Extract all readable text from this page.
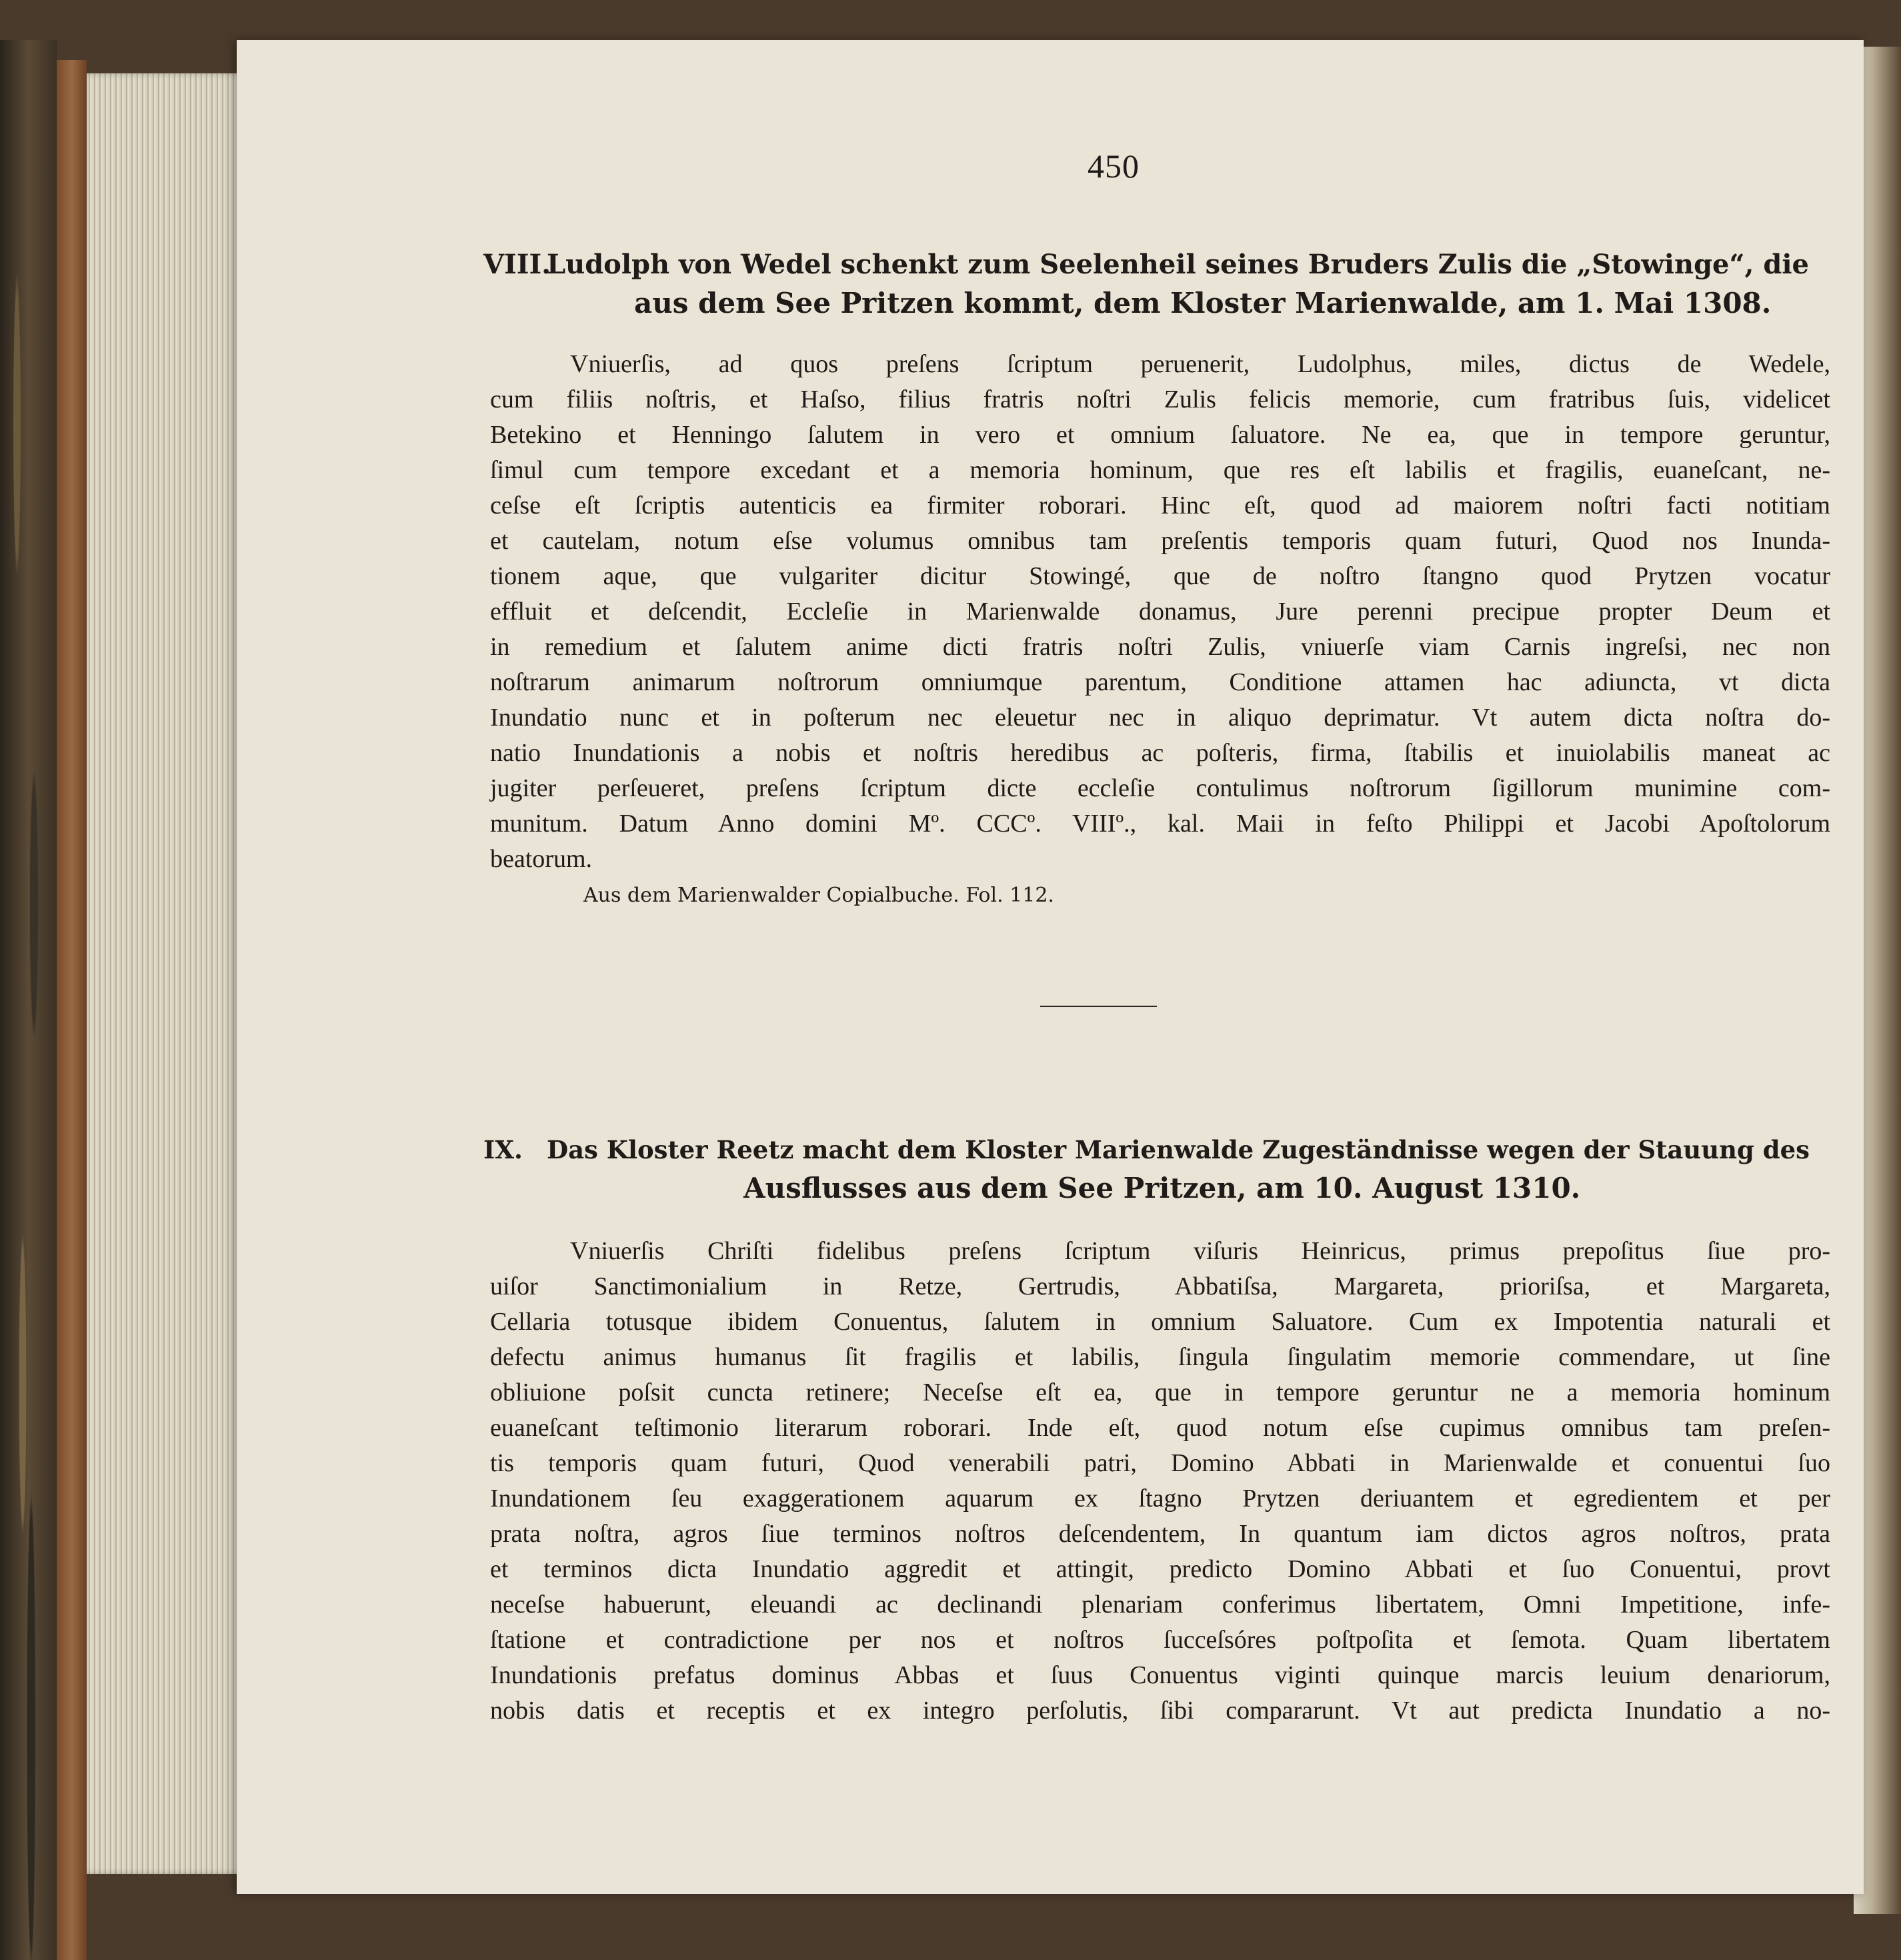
450
VIII.Ludolph von Wedel schenkt zum Seelenheil seines Bruders Zulis die „Stowinge“, die
aus dem See Pritzen kommt, dem Kloster Marienwalde, am 1. Mai 1308.
Vniuerſis, ad quos preſens ſcriptum peruenerit, Ludolphus, miles, dictus de Wedele,
cum filiis noſtris, et Haſso, filius fratris noſtri Zulis felicis memorie, cum fratribus ſuis, videlicet
Betekino et Henningo ſalutem in vero et omnium ſaluatore. Ne ea, que in tempore geruntur,
ſimul cum tempore excedant et a memoria hominum, que res eſt labilis et fragilis, euaneſcant, ne-
ceſse eſt ſcriptis autenticis ea firmiter roborari. Hinc eſt, quod ad maiorem noſtri facti notitiam
et cautelam, notum eſse volumus omnibus tam preſentis temporis quam futuri, Quod nos Inunda-
tionem aque, que vulgariter dicitur Stowingé, que de noſtro ſtangno quod Prytzen vocatur
effluit et deſcendit, Eccleſie in Marienwalde donamus, Jure perenni precipue propter Deum et
in remedium et ſalutem anime dicti fratris noſtri Zulis, vniuerſe viam Carnis ingreſsi, nec non
noſtrarum animarum noſtrorum omniumque parentum, Conditione attamen hac adiuncta, vt dicta
Inundatio nunc et in poſterum nec eleuetur nec in aliquo deprimatur. Vt autem dicta noſtra do-
natio Inundationis a nobis et noſtris heredibus ac poſteris, firma, ſtabilis et inuiolabilis maneat ac
jugiter perſeueret, preſens ſcriptum dicte eccleſie contulimus noſtrorum ſigillorum munimine com-
munitum. Datum Anno domini Mº. CCCº. VIIIº., kal. Maii in feſto Philippi et Jacobi Apoſtolorum
beatorum.
Aus dem Marienwalder Copialbuche. Fol. 112.
IX. Das Kloster Reetz macht dem Kloster Marienwalde Zugeständnisse wegen der Stauung des
Ausflusses aus dem See Pritzen, am 10. August 1310.
Vniuerſis Chriſti fidelibus preſens ſcriptum viſuris Heinricus, primus prepoſitus ſiue pro-
uiſor Sanctimonialium in Retze, Gertrudis, Abbatiſsa, Margareta, prioriſsa, et Margareta,
Cellaria totusque ibidem Conuentus, ſalutem in omnium Saluatore. Cum ex Impotentia naturali et
defectu animus humanus ſit fragilis et labilis, ſingula ſingulatim memorie commendare, ut ſine
obliuione poſsit cuncta retinere; Neceſse eſt ea, que in tempore geruntur ne a memoria hominum
euaneſcant teſtimonio literarum roborari. Inde eſt, quod notum eſse cupimus omnibus tam preſen-
tis temporis quam futuri, Quod venerabili patri, Domino Abbati in Marienwalde et conuentui ſuo
Inundationem ſeu exaggerationem aquarum ex ſtagno Prytzen deriuantem et egredientem et per
prata noſtra, agros ſiue terminos noſtros deſcendentem, In quantum iam dictos agros noſtros, prata
et terminos dicta Inundatio aggredit et attingit, predicto Domino Abbati et ſuo Conuentui, provt
neceſse habuerunt, eleuandi ac declinandi plenariam conferimus libertatem, Omni Impetitione, infe-
ſtatione et contradictione per nos et noſtros ſucceſsóres poſtpoſita et ſemota. Quam libertatem
Inundationis prefatus dominus Abbas et ſuus Conuentus viginti quinque marcis leuium denariorum,
nobis datis et receptis et ex integro perſolutis, ſibi compararunt. Vt aut predicta Inundatio a no-
